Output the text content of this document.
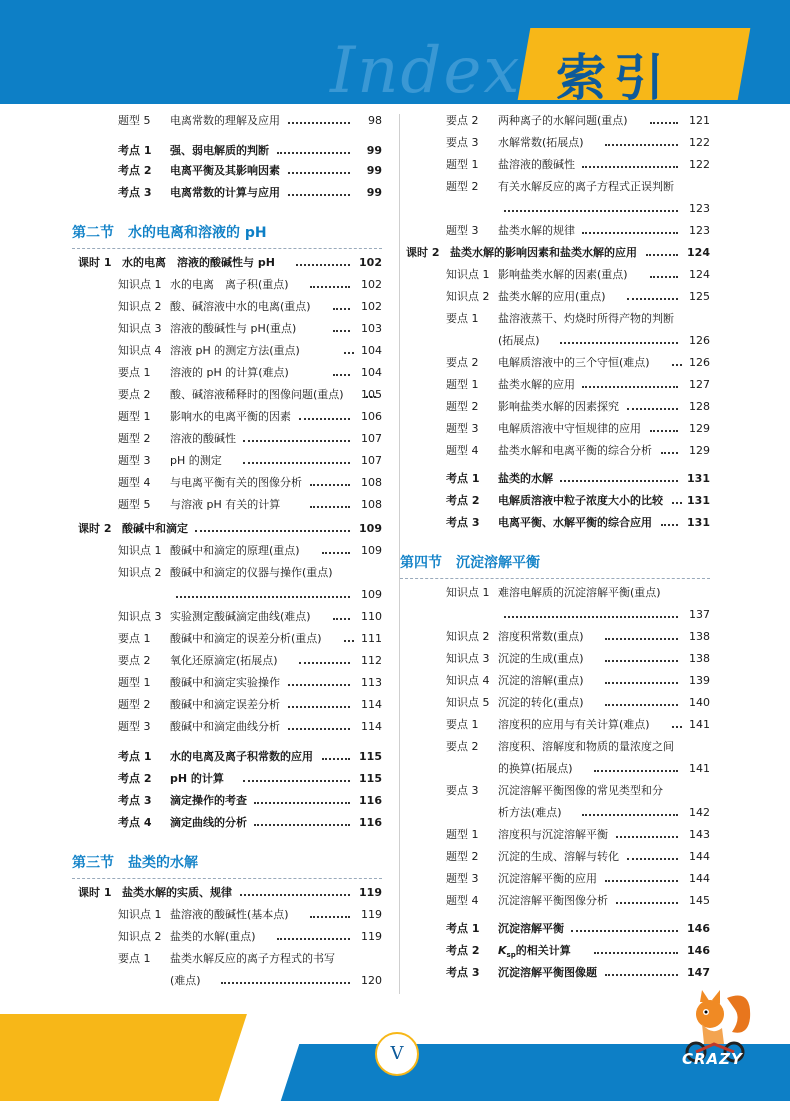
Index 索引
题型 5 电离常数的理解及应用	98
考点 1 强、弱电解质的判断	99
考点 2 电离平衡及其影响因素	99
考点 3 电离常数的计算与应用	99
第二节　水的电离和溶液的 pH
课时 1 水的电离　溶液的酸碱性与 pH	102
知识点 1 水的电离　离子积(重点)	102
知识点 2 酸、碱溶液中水的电离(重点)	102
知识点 3 溶液的酸碱性与 pH(重点)	103
知识点 4 溶液 pH 的测定方法(重点)	104
要点 1 溶液的 pH 的计算(难点)	104
要点 2 酸、碱溶液稀释时的图像问题(重点) 105
题型 1 影响水的电离平衡的因素	106
题型 2 溶液的酸碱性	107
题型 3 pH 的测定	107
题型 4 与电离平衡有关的图像分析	108
题型 5 与溶液 pH 有关的计算	108
课时 2 酸碱中和滴定	109
知识点 1 酸碱中和滴定的原理(重点)	109
知识点 2 酸碱中和滴定的仪器与操作(重点)
109
知识点 3 实验测定酸碱滴定曲线(难点)	110
要点 1 酸碱中和滴定的误差分析(重点)	111
要点 2 氧化还原滴定(拓展点)	112
题型 1 酸碱中和滴定实验操作	113
题型 2 酸碱中和滴定误差分析	114
题型 3 酸碱中和滴定曲线分析	114
考点 1 水的电离及离子积常数的应用	115
考点 2 pH 的计算	115
考点 3 滴定操作的考查	116
考点 4 滴定曲线的分析	116
第三节　盐类的水解
课时 1 盐类水解的实质、规律	119
知识点 1 盐溶液的酸碱性(基本点)	119
知识点 2 盐类的水解(重点)	119
要点 1 盐类水解反应的离子方程式的书写
(难点)	120
要点 2 两种离子的水解问题(重点)	121
要点 3 水解常数(拓展点)	122
题型 1 盐溶液的酸碱性	122
题型 2 有关水解反应的离子方程式正误判断
123
题型 3 盐类水解的规律	123
课时 2 盐类水解的影响因素和盐类水解的应用	124
知识点 1 影响盐类水解的因素(重点)	124
知识点 2 盐类水解的应用(重点)	125
要点 1 盐溶液蒸干、灼烧时所得产物的判断
(拓展点)	126
要点 2 电解质溶液中的三个守恒(难点)	126
题型 1 盐类水解的应用	127
题型 2 影响盐类水解的因素探究	128
题型 3 电解质溶液中守恒规律的应用	129
题型 4 盐类水解和电离平衡的综合分析	129
考点 1 盐类的水解	131
考点 2 电解质溶液中粒子浓度大小的比较 131
考点 3 电离平衡、水解平衡的综合应用	131
第四节　沉淀溶解平衡
知识点 1 难溶电解质的沉淀溶解平衡(重点)
137
知识点 2 溶度积常数(重点)	138
知识点 3 沉淀的生成(重点)	138
知识点 4 沉淀的溶解(重点)	139
知识点 5 沉淀的转化(重点)	140
要点 1 溶度积的应用与有关计算(难点)	141
要点 2 溶度积、溶解度和物质的量浓度之间
的换算(拓展点)	141
要点 3 沉淀溶解平衡图像的常见类型和分
析方法(难点)	142
题型 1 溶度积与沉淀溶解平衡	143
题型 2 沉淀的生成、溶解与转化	144
题型 3 沉淀溶解平衡的应用	144
题型 4 沉淀溶解平衡图像分析	145
考点 1 沉淀溶解平衡	146
考点 2 $K_{sp}$的相关计算	146
考点 3 沉淀溶解平衡图像题	147
V	CRAZY
